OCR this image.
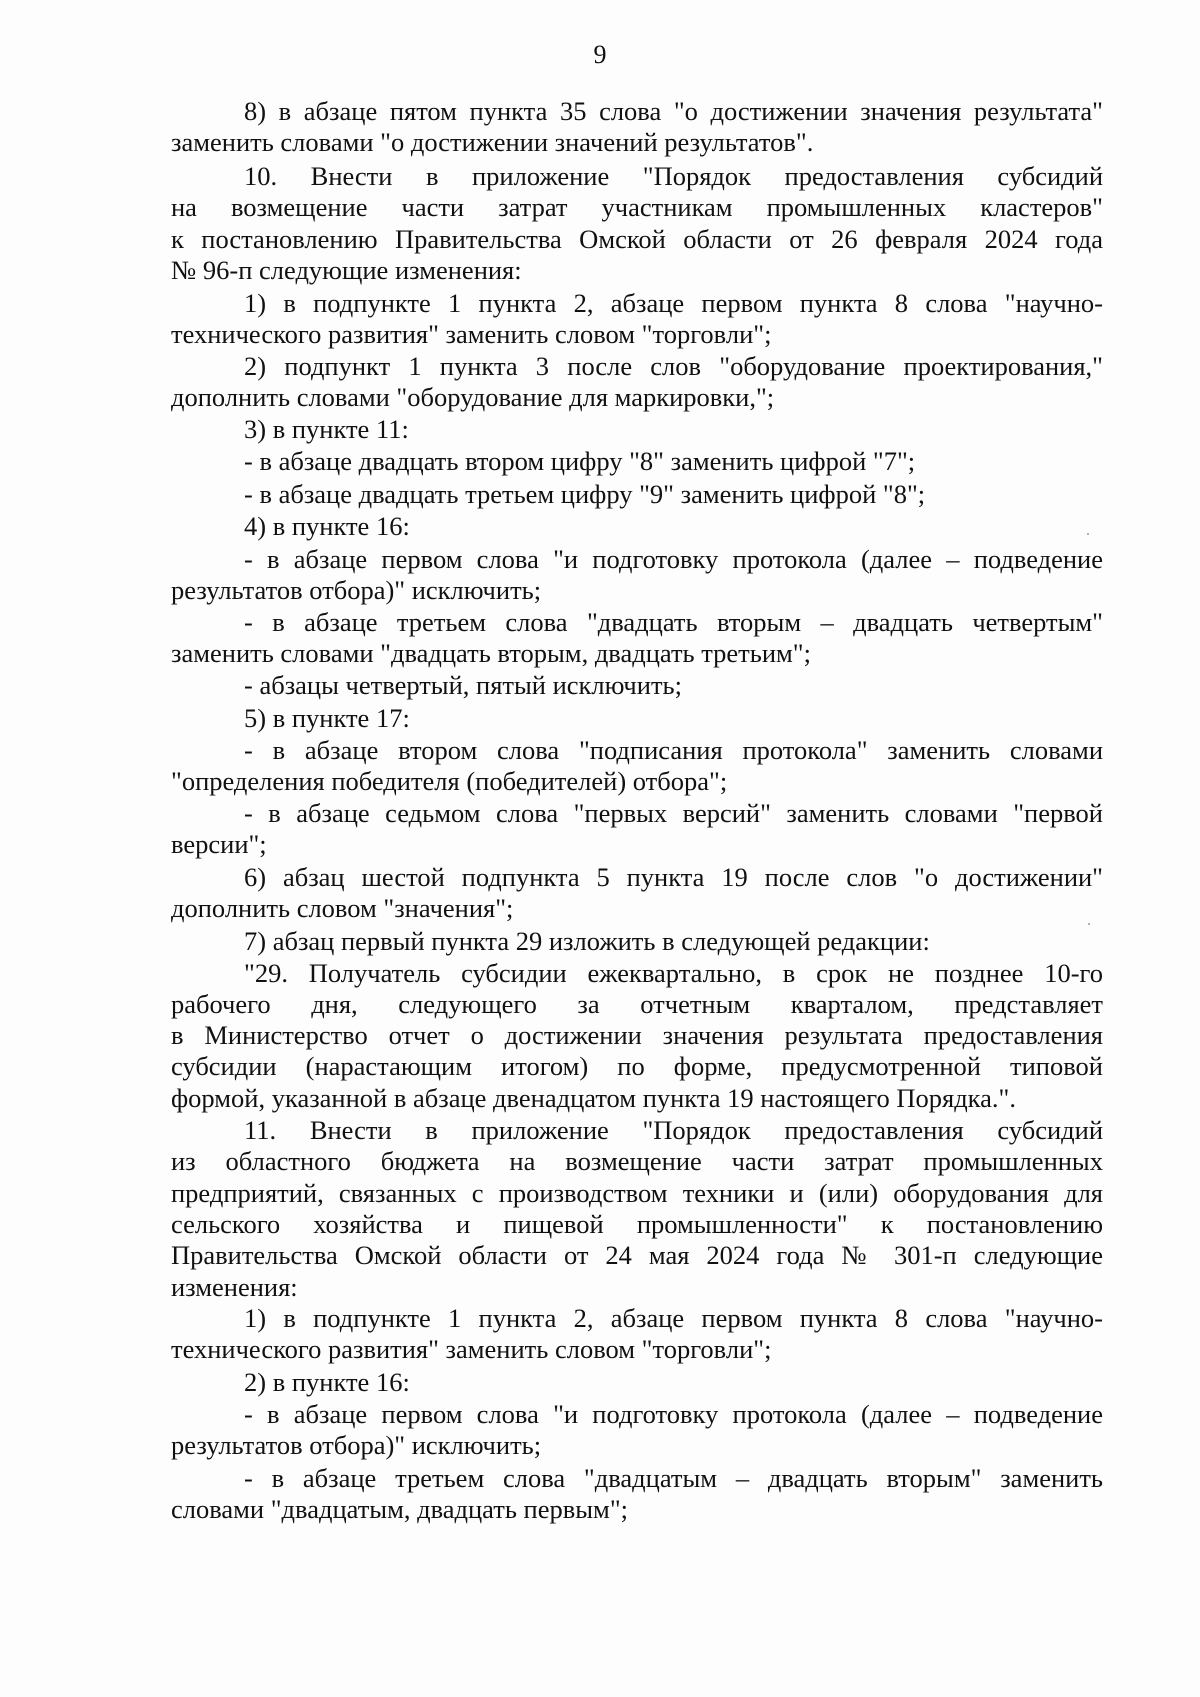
9
8) в абзаце пятом пункта 35 слова "о достижении значения результата"
заменить словами "о достижении значений результатов".
10. Внести в приложение "Порядок предоставления субсидий
на возмещение части затрат участникам промышленных кластеров"
к постановлению Правительства Омской области от 26 февраля 2024 года
№ 96-п следующие изменения:
1) в подпункте 1 пункта 2, абзаце первом пункта 8 слова "научно-
технического развития" заменить словом "торговли";
2) подпункт 1 пункта 3 после слов "оборудование проектирования,"
дополнить словами "оборудование для маркировки,";
3) в пункте 11:
- в абзаце двадцать втором цифру "8" заменить цифрой "7";
- в абзаце двадцать третьем цифру "9" заменить цифрой "8";
4) в пункте 16:
- в абзаце первом слова "и подготовку протокола (далее – подведение
результатов отбора)" исключить;
- в абзаце третьем слова "двадцать вторым – двадцать четвертым"
заменить словами "двадцать вторым, двадцать третьим";
- абзацы четвертый, пятый исключить;
5) в пункте 17:
- в абзаце втором слова "подписания протокола" заменить словами
"определения победителя (победителей) отбора";
- в абзаце седьмом слова "первых версий" заменить словами "первой
версии";
6) абзац шестой подпункта 5 пункта 19 после слов "о достижении"
дополнить словом "значения";
7) абзац первый пункта 29 изложить в следующей редакции:
"29. Получатель субсидии ежеквартально, в срок не позднее 10-го
рабочего дня, следующего за отчетным кварталом, представляет
в Министерство отчет о достижении значения результата предоставления
субсидии (нарастающим итогом) по форме, предусмотренной типовой
формой, указанной в абзаце двенадцатом пункта 19 настоящего Порядка.".
11. Внести в приложение "Порядок предоставления субсидий
из областного бюджета на возмещение части затрат промышленных
предприятий, связанных с производством техники и (или) оборудования для
сельского хозяйства и пищевой промышленности" к постановлению
Правительства Омской области от 24 мая 2024 года № 301-п следующие
изменения:
1) в подпункте 1 пункта 2, абзаце первом пункта 8 слова "научно-
технического развития" заменить словом "торговли";
2) в пункте 16:
- в абзаце первом слова "и подготовку протокола (далее – подведение
результатов отбора)" исключить;
- в абзаце третьем слова "двадцатым – двадцать вторым" заменить
словами "двадцатым, двадцать первым";
